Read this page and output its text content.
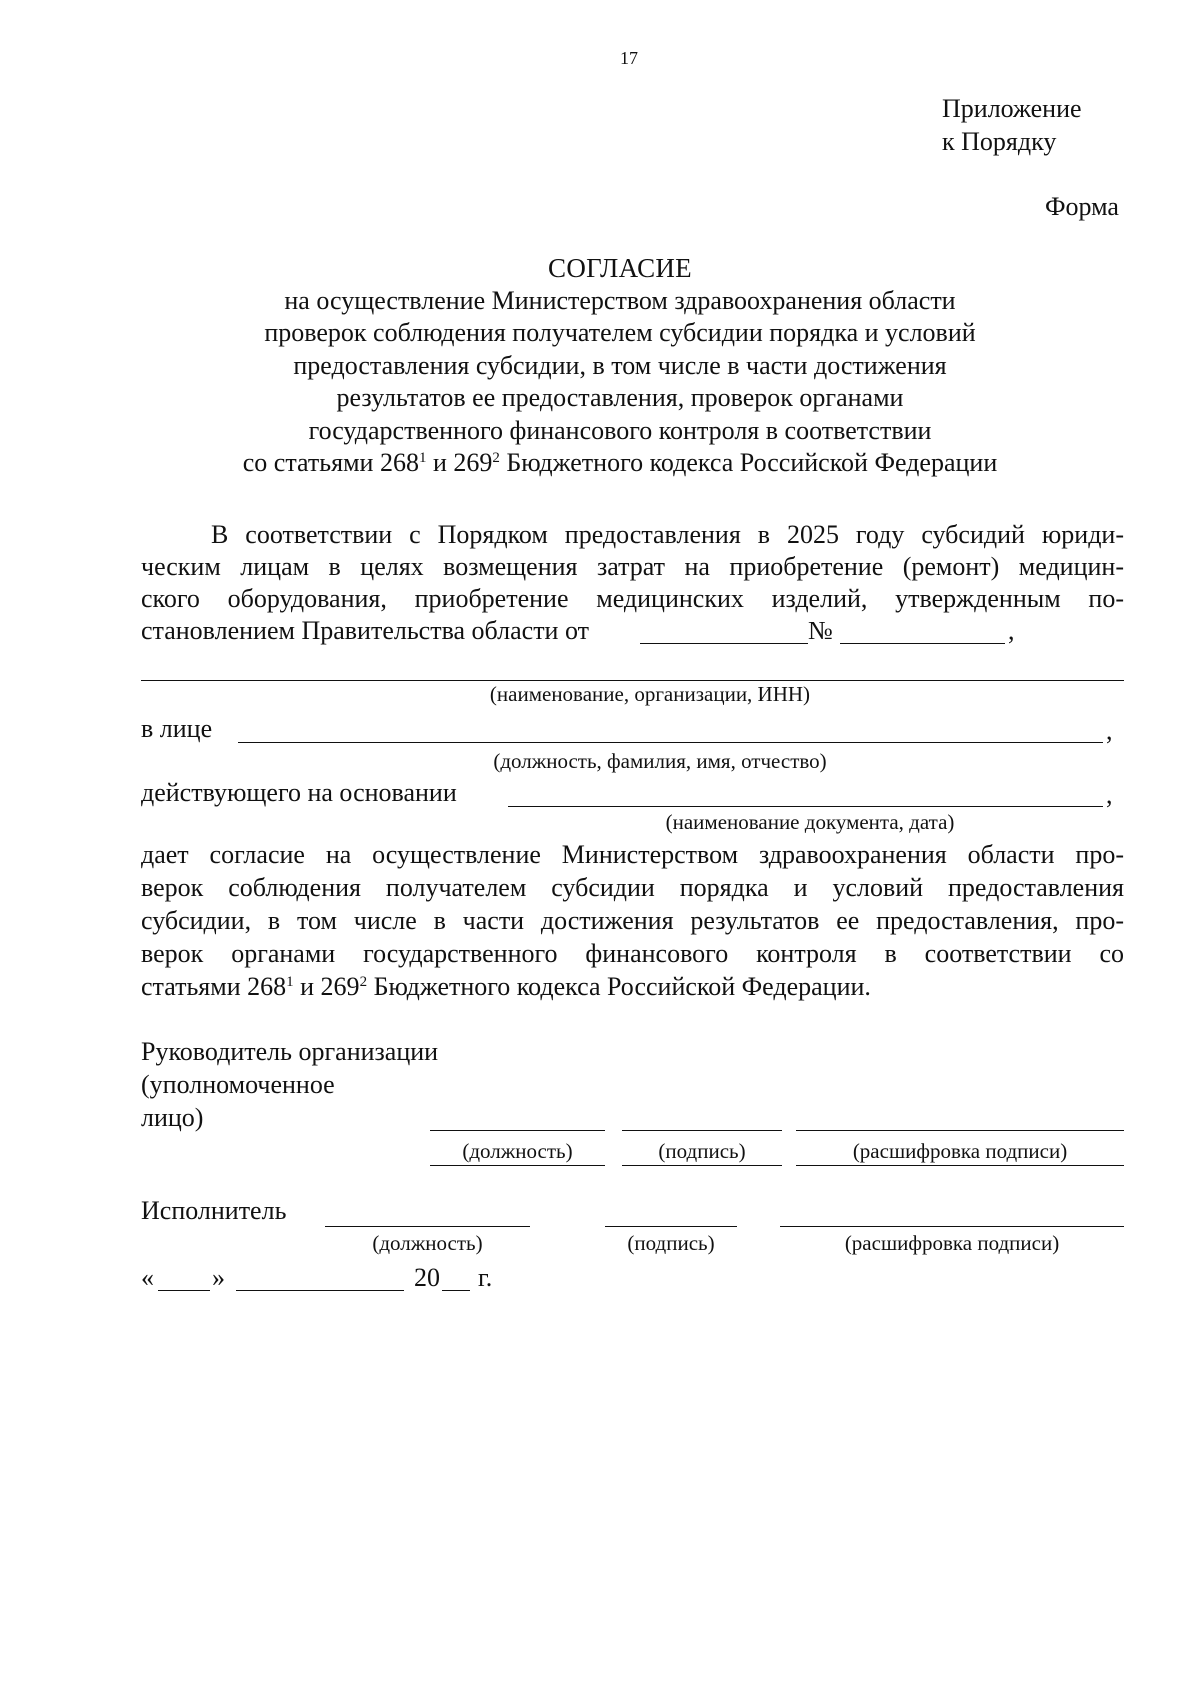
17
Приложение
к Порядку
Форма
СОГЛАСИЕ
на осуществление Министерством здравоохранения области
проверок соблюдения получателем субсидии порядка и условий
предоставления субсидии, в том числе в части достижения
результатов ее предоставления, проверок органами
государственного финансового контроля в соответствии
со статьями $268^1$ и $269^2$ Бюджетного кодекса Российской Федерации
В соответствии с Порядком предоставления в 2025 году субсидий юриди-
ческим лицам в целях возмещения затрат на приобретение (ремонт) медицин-
ского оборудования, приобретение медицинских изделий, утвержденным по-
становлением Правительства области от	№	,
(наименование, организации, ИНН)
в лице	,
(должность, фамилия, имя, отчество)
действующего на основании	,
(наименование документа, дата)
дает согласие на осуществление Министерством здравоохранения области про-
верок соблюдения получателем субсидии порядка и условий предоставления
субсидии, в том числе в части достижения результатов ее предоставления, про-
верок органами государственного финансового контроля в соответствии со
статьями $268^1$ и $269^2$ Бюджетного кодекса Российской Федерации.
Руководитель организации
(уполномоченное
лицо)
(должность)	(подпись)	(расшифровка подписи)
Исполнитель
(должность)	(подпись)	(расшифровка подписи)
« »	20 г.
